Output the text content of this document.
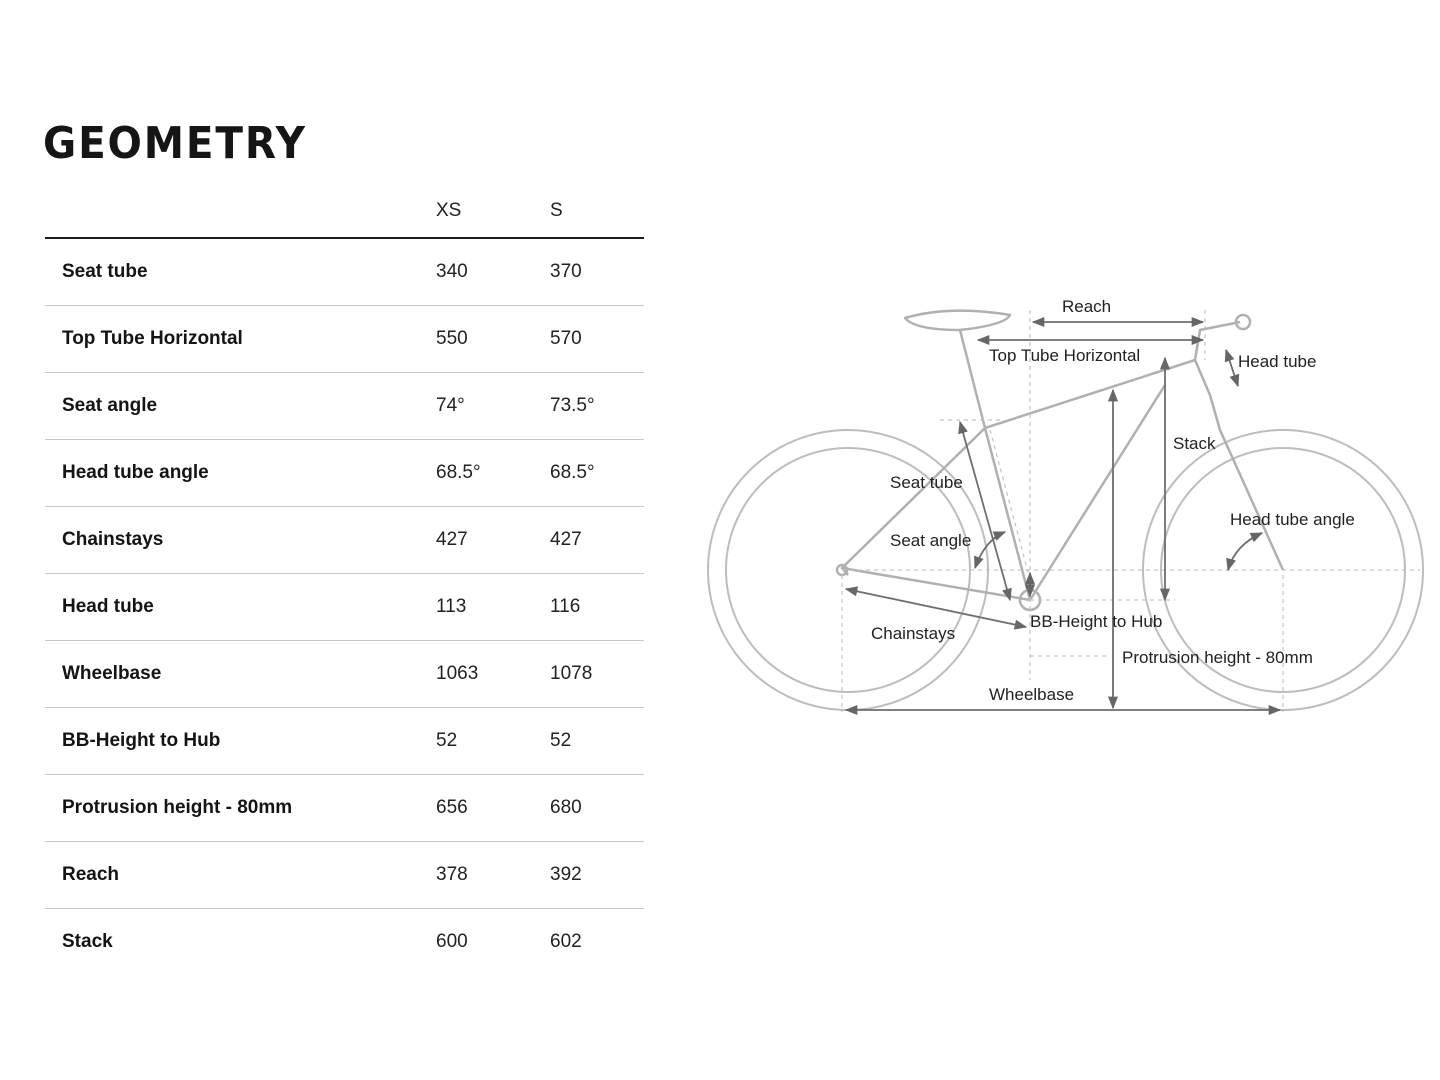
GEOMETRY
	XS	S
Seat tube	340	370
Top Tube Horizontal	550	570
Seat angle	74°	73.5°
Head tube angle	68.5°	68.5°
Chainstays	427	427
Head tube	113	116
Wheelbase	1063	1078
BB-Height to Hub	52	52
Protrusion height - 80mm	656	680
Reach	378	392
Stack	600	602
Reach
Top Tube Horizontal	Head tube
Stack
Seat tube
Seat angle
Head tube angle
BB-Height to Hub
Chainstays
Protrusion height - 80mm
Wheelbase
